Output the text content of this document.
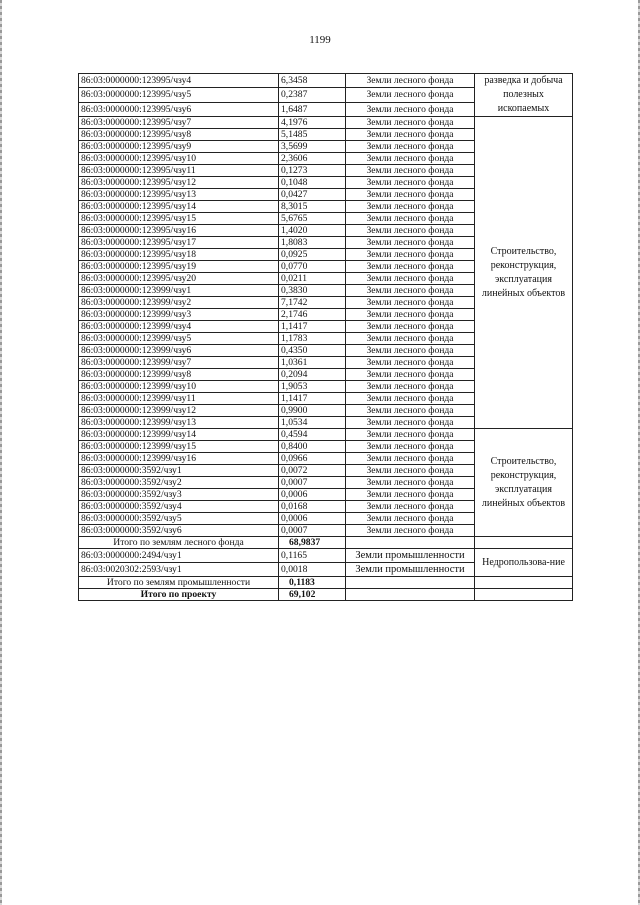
1199
86:03:0000000:123995/чзу4	6,3458	Земли лесного фонда	разведка и добыча полезных ископаемых
86:03:0000000:123995/чзу5	0,2387	Земли лесного фонда	
86:03:0000000:123995/чзу6	1,6487	Земли лесного фонда	
86:03:0000000:123995/чзу7	4,1976	Земли лесного фонда	Строительство, реконструкция, эксплуатация линейных объектов
86:03:0000000:123995/чзу8	5,1485	Земли лесного фонда	
86:03:0000000:123995/чзу9	3,5699	Земли лесного фонда	
86:03:0000000:123995/чзу10	2,3606	Земли лесного фонда	
86:03:0000000:123995/чзу11	0,1273	Земли лесного фонда	
86:03:0000000:123995/чзу12	0,1048	Земли лесного фонда	
86:03:0000000:123995/чзу13	0,0427	Земли лесного фонда	
86:03:0000000:123995/чзу14	8,3015	Земли лесного фонда	
86:03:0000000:123995/чзу15	5,6765	Земли лесного фонда	
86:03:0000000:123995/чзу16	1,4020	Земли лесного фонда	
86:03:0000000:123995/чзу17	1,8083	Земли лесного фонда	
86:03:0000000:123995/чзу18	0,0925	Земли лесного фонда	
86:03:0000000:123995/чзу19	0,0770	Земли лесного фонда	
86:03:0000000:123995/чзу20	0,0211	Земли лесного фонда	
86:03:0000000:123999/чзу1	0,3830	Земли лесного фонда	
86:03:0000000:123999/чзу2	7,1742	Земли лесного фонда	
86:03:0000000:123999/чзу3	2,1746	Земли лесного фонда	
86:03:0000000:123999/чзу4	1,1417	Земли лесного фонда	
86:03:0000000:123999/чзу5	1,1783	Земли лесного фонда	
86:03:0000000:123999/чзу6	0,4350	Земли лесного фонда	
86:03:0000000:123999/чзу7	1,0361	Земли лесного фонда	
86:03:0000000:123999/чзу8	0,2094	Земли лесного фонда	
86:03:0000000:123999/чзу10	1,9053	Земли лесного фонда	
86:03:0000000:123999/чзу11	1,1417	Земли лесного фонда	
86:03:0000000:123999/чзу12	0,9900	Земли лесного фонда	
86:03:0000000:123999/чзу13	1,0534	Земли лесного фонда	
86:03:0000000:123999/чзу14	0,4594	Земли лесного фонда	Строительство, реконструкция, эксплуатация линейных объектов
86:03:0000000:123999/чзу15	0,8400	Земли лесного фонда	
86:03:0000000:123999/чзу16	0,0966	Земли лесного фонда	
86:03:0000000:3592/чзу1	0,0072	Земли лесного фонда	
86:03:0000000:3592/чзу2	0,0007	Земли лесного фонда	
86:03:0000000:3592/чзу3	0,0006	Земли лесного фонда	
86:03:0000000:3592/чзу4	0,0168	Земли лесного фонда	
86:03:0000000:3592/чзу5	0,0006	Земли лесного фонда	
86:03:0000000:3592/чзу6	0,0007	Земли лесного фонда	
Итого по землям лесного фонда	68,9837		
86:03:0000000:2494/чзу1	0,1165	Земли промышленности	Недропользова-ние
86:03:0020302:2593/чзу1	0,0018	Земли промышленности	
Итого по землям промышленности	0,1183		
Итого по проекту	69,102		
